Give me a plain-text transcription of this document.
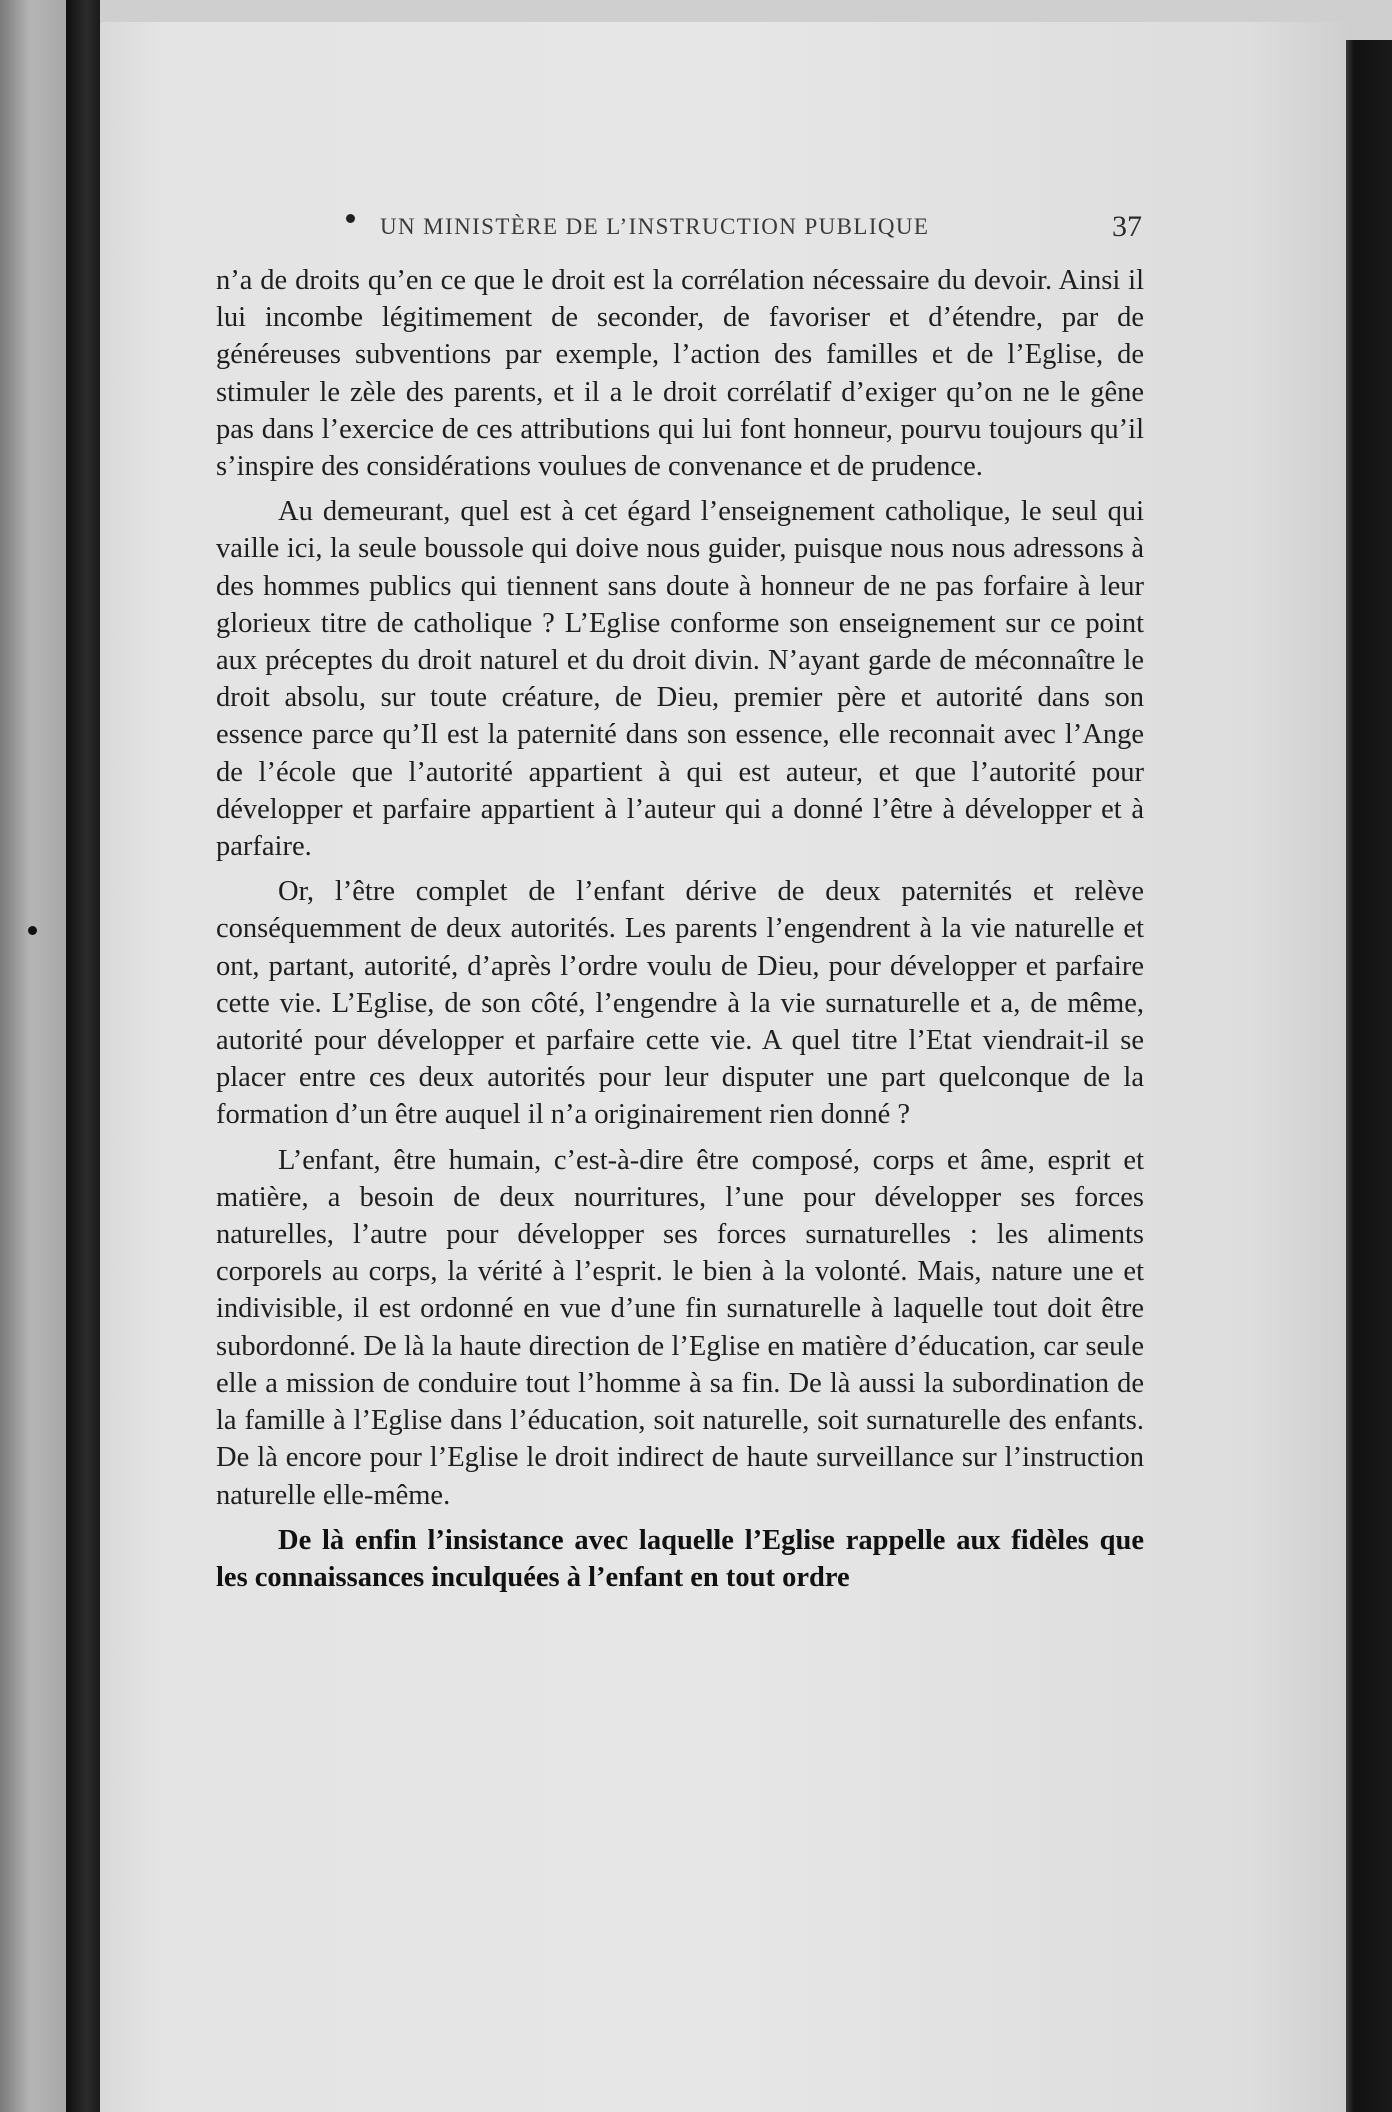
UN MINISTÈRE DE L’INSTRUCTION PUBLIQUE	37

n’a de droits qu’en ce que le droit est la corrélation nécessaire du devoir. Ainsi il lui incombe légitimement de seconder, de favoriser et d’étendre, par de généreuses subventions par exemple, l’action des familles et de l’Eglise, de stimuler le zèle des parents, et il a le droit corrélatif d’exiger qu’on ne le gêne pas dans l’exercice de ces attributions qui lui font honneur, pourvu toujours qu’il s’inspire des considérations voulues de convenance et de prudence.

Au demeurant, quel est à cet égard l’enseignement catholique, le seul qui vaille ici, la seule boussole qui doive nous guider, puisque nous nous adressons à des hommes publics qui tiennent sans doute à honneur de ne pas forfaire à leur glorieux titre de catholique ? L’Eglise conforme son enseignement sur ce point aux préceptes du droit naturel et du droit divin. N’ayant garde de méconnaître le droit absolu, sur toute créature, de Dieu, premier père et autorité dans son essence parce qu’Il est la paternité dans son essence, elle reconnait avec l’Ange de l’école que l’autorité appartient à qui est auteur, et que l’autorité pour développer et parfaire appartient à l’auteur qui a donné l’être à développer et à parfaire.

Or, l’être complet de l’enfant dérive de deux paternités et relève conséquemment de deux autorités. Les parents l’engendrent à la vie naturelle et ont, partant, autorité, d’après l’ordre voulu de Dieu, pour développer et parfaire cette vie. L’Eglise, de son côté, l’engendre à la vie surnaturelle et a, de même, autorité pour développer et parfaire cette vie. A quel titre l’Etat viendrait-il se placer entre ces deux autorités pour leur disputer une part quelconque de la formation d’un être auquel il n’a originairement rien donné ?

L’enfant, être humain, c’est-à-dire être composé, corps et âme, esprit et matière, a besoin de deux nourritures, l’une pour développer ses forces naturelles, l’autre pour développer ses forces surnaturelles : les aliments corporels au corps, la vérité à l’esprit. le bien à la volonté. Mais, nature une et indivisible, il est ordonné en vue d’une fin surnaturelle à laquelle tout doit être subordonné. De là la haute direction de l’Eglise en matière d’éducation, car seule elle a mission de conduire tout l’homme à sa fin. De là aussi la subordination de la famille à l’Eglise dans l’éducation, soit naturelle, soit surnaturelle des enfants. De là encore pour l’Eglise le droit indirect de haute surveillance sur l’instruction naturelle elle-même.

De là enfin l’insistance avec laquelle l’Eglise rappelle aux fidèles que les connaissances inculquées à l’enfant en tout ordre
